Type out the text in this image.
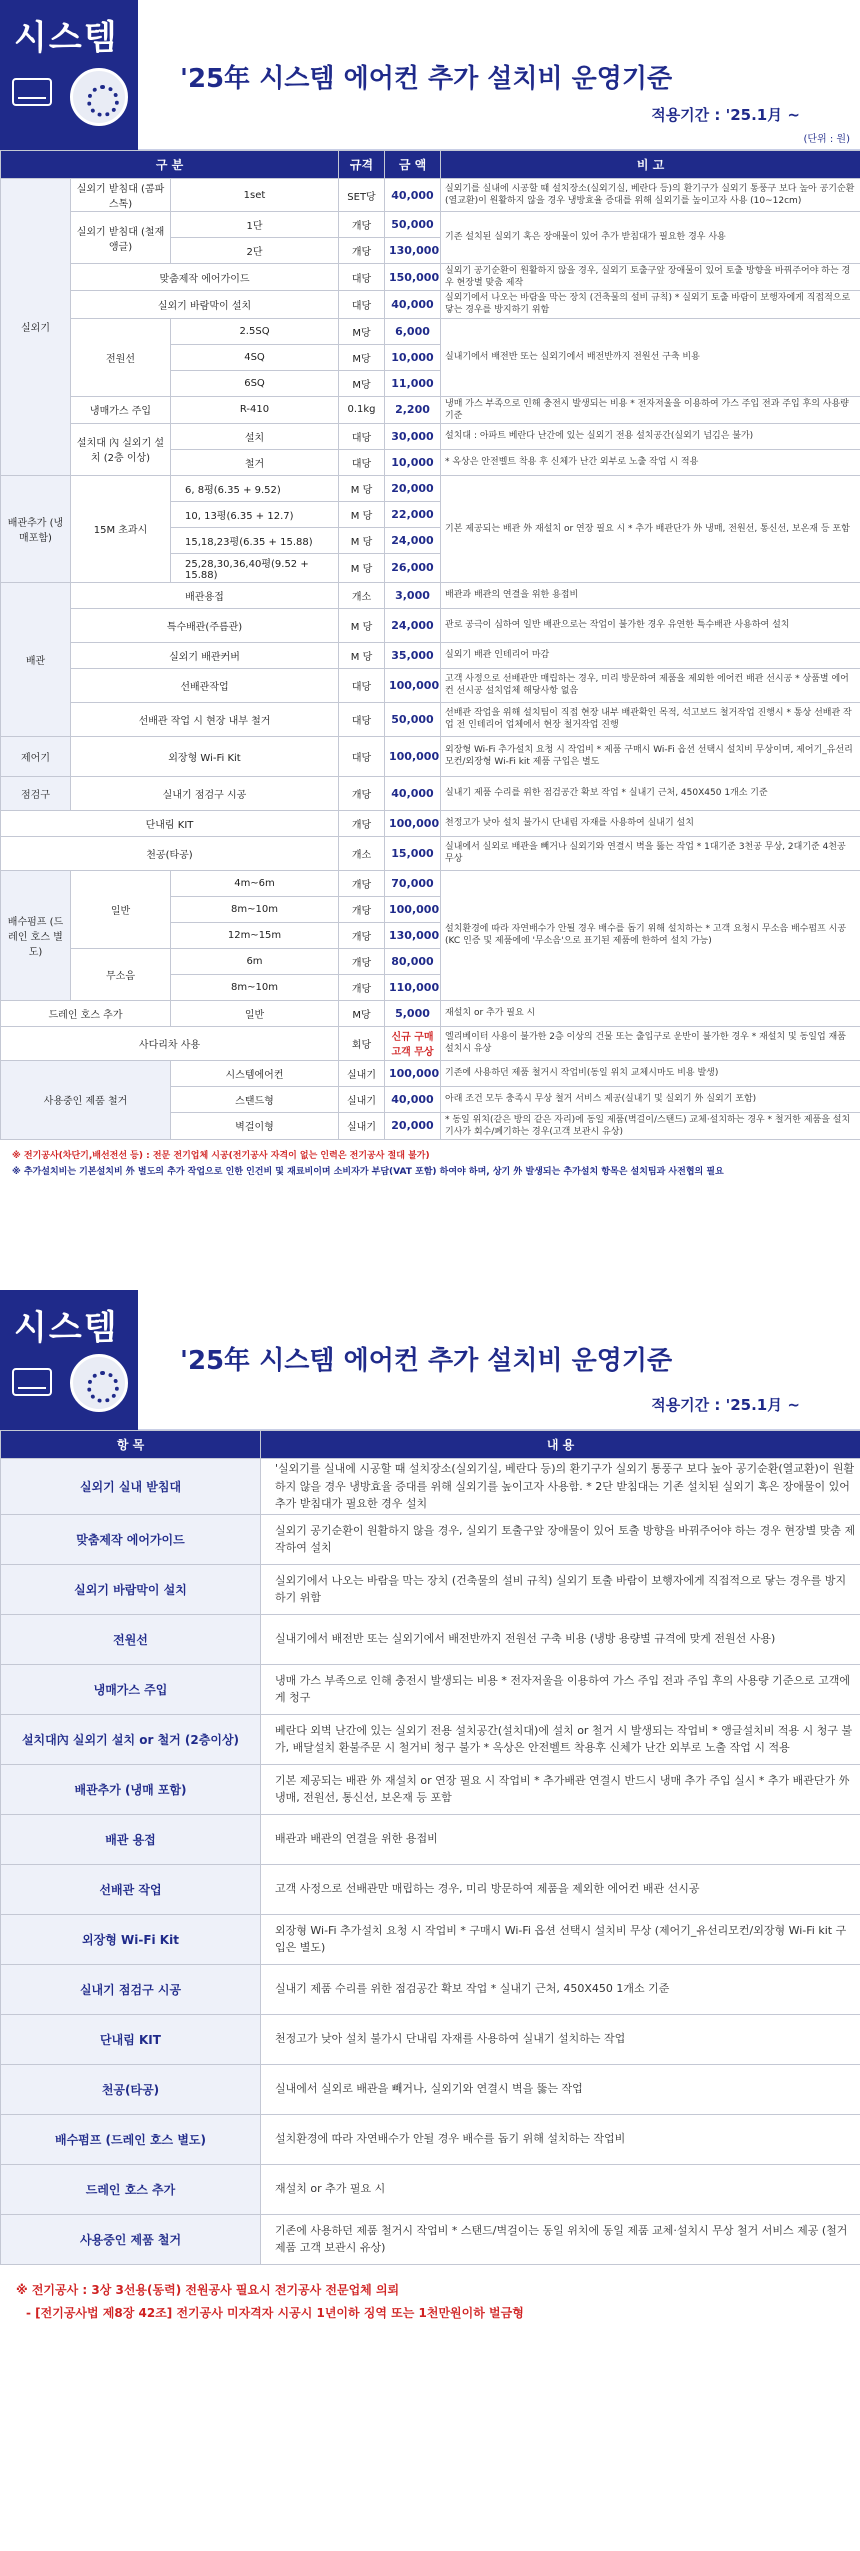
시스템
'25年 시스템 에어컨 추가 설치비 운영기준
적용기간 : '25.1月 ~
(단위 : 원)
구 분			규격	금 액	비 고
실외기	실외기 받침대 (콤파스톡)	1set	SET당	40,000	실외기를 실내에 시공할 때 설치장소(실외기실, 베란다 등)의 환기구가 실외기 통풍구 보다 높아 공기순환(열교환)이 원활하지 않을 경우 냉방효율 증대를 위해 실외기를 높이고자 사용 (10~12cm)
	실외기 받침대 (철재 앵글)	1단	개당	50,000	기존 설치된 실외기 혹은 장애물이 있어 추가 받침대가 필요한 경우 사용
		2단	개당	130,000	
	맞춤제작 에어가이드		대당	150,000	실외기 공기순환이 원활하지 않을 경우, 실외기 토출구앞 장애물이 있어 토출 방향을 바꿔주어야 하는 경우 현장별 맞춤 제작
	실외기 바람막이 설치		대당	40,000	실외기에서 나오는 바람을 막는 장치 (건축물의 설비 규칙) * 실외기 토출 바람이 보행자에게 직접적으로 닿는 경우를 방지하기 위함
	전원선	2.5SQ	M당	6,000	실내기에서 배전반 또는 실외기에서 배전반까지 전원선 구축 비용
		4SQ	M당	10,000	
		6SQ	M당	11,000	
	냉매가스 주입	R-410	0.1kg	2,200	냉매 가스 부족으로 인해 충전시 발생되는 비용 * 전자저울을 이용하여 가스 주입 전과 주입 후의 사용량 기준
	설치대 內 실외기 설치 (2층 이상)	설치	대당	30,000	설치대 : 아파트 베란다 난간에 있는 실외기 전용 설치공간(실외기 넘김은 불가)
		철거	대당	10,000	* 옥상은 안전벨트 착용 후 신체가 난간 외부로 노출 작업 시 적용
배관추가 (냉매포함)	15M 초과시	6, 8평(6.35 + 9.52)	M 당	20,000	기본 제공되는 배관 外 재설치 or 연장 필요 시 * 추가 배관단가 外 냉매, 전원선, 통신선, 보온재 등 포함
		10, 13평(6.35 + 12.7)	M 당	22,000	
		15,18,23평(6.35 + 15.88)	M 당	24,000	
		25,28,30,36,40평(9.52 + 15.88)	M 당	26,000	
배관	배관용접		개소	3,000	배관과 배관의 연결을 위한 용접비
	특수배관(주름관)		M 당	24,000	관로 공극이 심하여 일반 배관으로는 작업이 불가한 경우 유연한 특수배관 사용하여 설치
	실외기 배관커버		M 당	35,000	실외기 배관 인테리어 마감
	선배관작업		대당	100,000	고객 사정으로 선배관만 매립하는 경우, 미리 방문하여 제품을 제외한 에어컨 배관 선시공 * 상품별 에어컨 선시공 설치업체 해당사항 없음
	선배관 작업 시 현장 내부 철거		대당	50,000	선배관 작업을 위해 설치팀이 직접 현장 내부 배관확인 목적, 석고보드 철거작업 진행시 * 통상 선배관 작업 전 인테리어 업체에서 현장 철거작업 진행
제어기	외장형 Wi-Fi Kit		대당	100,000	외장형 Wi-Fi 추가설치 요청 시 작업비 * 제품 구매시 Wi-Fi 옵션 선택시 설치비 무상이며, 제어기_유선리모컨/외장형 Wi-Fi kit 제품 구입은 별도
점검구	실내기 점검구 시공		개당	40,000	실내기 제품 수리를 위한 점검공간 확보 작업 * 실내기 근처, 450X450 1개소 기준
단내림 KIT			개당	100,000	천정고가 낮아 설치 불가시 단내림 자재를 사용하여 실내기 설치
천공(타공)			개소	15,000	실내에서 실외로 배관을 빼거나 실외기와 연결시 벽을 뚫는 작업 * 1대기준 3천공 무상, 2대기준 4천공 무상
배수펌프 (드레인 호스 별도)	일반	4m~6m	개당	70,000	설치환경에 따라 자연배수가 안될 경우 배수를 돕기 위해 설치하는 * 고객 요청시 무소음 배수펌프 시공 (KC 인증 및 제품에에 '무소음'으로 표기된 제품에 한하여 설치 가능)
		8m~10m	개당	100,000	
		12m~15m	개당	130,000	
	무소음	6m	개당	80,000	
		8m~10m	개당	110,000	
드레인 호스 추가		일반	M당	5,000	재설치 or 추가 필요 시
사다리차 사용			회당	신규 구매고객 무상	엘리베이터 사용이 불가한 2층 이상의 건물 또는 출입구로 운반이 불가한 경우 * 재설치 및 동일업 재품 설치시 유상
사용중인 제품 철거		시스템에어컨	실내기	100,000	기존에 사용하던 제품 철거시 작업비(동일 위치 교체시마도 비용 발생)
		스탠드형	실내기	40,000	아래 조건 모두 충족시 무상 철거 서비스 제공(실내기 및 실외기 外 실외기 포함)
		벽걸이형	실내기	20,000	* 동일 위치(같은 방의 같은 자리)에 동일 제품(벽걸이/스탠드) 교체·설치하는 경우 * 철거한 제품을 설치기사가 회수/폐기하는 경우(고객 보관시 유상)
※ 전기공사(차단기,배선전선 등) : 전문 전기업체 시공(전기공사 자격이 없는 인력은 전기공사 절대 불가)
※ 추가설치비는 기본설치비 外 별도의 추가 작업으로 인한 인건비 및 재료비이며 소비자가 부담(VAT 포함) 하여야 하며, 상기 外 발생되는 추가설치 항목은 설치팀과 사전협의 필요
시스템
'25年 시스템 에어컨 추가 설치비 운영기준
적용기간 : '25.1月 ~
항 목	내 용
실외기 실내 받침대	'실외기를 실내에 시공할 때 설치장소(실외기실, 베란다 등)의 환기구가 실외기 통풍구 보다 높아 공기순환(열교환)이 원활하지 않을 경우 냉방효율 증대를 위해 실외기를 높이고자 사용함. * 2단 받침대는 기존 설치된 실외기 혹은 장애물이 있어 추가 받침대가 필요한 경우 설치
맞춤제작 에어가이드	실외기 공기순환이 원활하지 않을 경우, 실외기 토출구앞 장애물이 있어 토출 방향을 바꿔주어야 하는 경우 현장별 맞춤 제작하여 설치
실외기 바람막이 설치	실외기에서 나오는 바람을 막는 장치 (건축물의 설비 규칙) 실외기 토출 바람이 보행자에게 직접적으로 닿는 경우를 방지하기 위함
전원선	실내기에서 배전반 또는 실외기에서 배전반까지 전원선 구축 비용 (냉방 용량별 규격에 맞게 전원선 사용)
냉매가스 주입	냉매 가스 부족으로 인해 충전시 발생되는 비용 * 전자저울을 이용하여 가스 주입 전과 주입 후의 사용량 기준으로 고객에게 청구
설치대內 실외기 설치 or 철거 (2층이상)	베란다 외벽 난간에 있는 실외기 전용 설치공간(설치대)에 설치 or 철거 시 발생되는 작업비 * 앵글설치비 적용 시 청구 불가, 배달설치 환불주문 시 철거비 청구 불가 * 옥상은 안전벨트 착용후 신체가 난간 외부로 노출 작업 시 적용
배관추가 (냉매 포함)	기본 제공되는 배관 外 재설치 or 연장 필요 시 작업비 * 추가배관 연결시 반드시 냉매 추가 주입 실시 * 추가 배관단가 外 냉매, 전원선, 통신선, 보온재 등 포함
배관 용접	배관과 배관의 연결을 위한 용접비
선배관 작업	고객 사정으로 선배관만 매립하는 경우, 미리 방문하여 제품을 제외한 에어컨 배관 선시공
외장형 Wi-Fi Kit	외장형 Wi-Fi 추가설치 요청 시 작업비 * 구매시 Wi-Fi 옵션 선택시 설치비 무상 (제어기_유선리모컨/외장형 Wi-Fi kit 구입은 별도)
실내기 점검구 시공	실내기 제품 수리를 위한 점검공간 확보 작업 * 실내기 근처, 450X450 1개소 기준
단내림 KIT	천정고가 낮아 설치 불가시 단내림 자재를 사용하여 실내기 설치하는 작업
천공(타공)	실내에서 실외로 배관을 빼거나, 실외기와 연결시 벽을 뚫는 작업
배수펌프 (드레인 호스 별도)	설치환경에 따라 자연배수가 안될 경우 배수를 돕기 위해 설치하는 작업비
드레인 호스 추가	재설치 or 추가 필요 시
사용중인 제품 철거	기존에 사용하던 제품 철거시 작업비 * 스탠드/벽걸이는 동일 위치에 동일 제품 교체·설치시 무상 철거 서비스 제공 (철거 제품 고객 보관시 유상)
※ 전기공사 : 3상 3선용(동력) 전원공사 필요시 전기공사 전문업체 의뢰
- [전기공사법 제8장 42조] 전기공사 미자격자 시공시 1년이하 징역 또는 1천만원이하 벌금형
